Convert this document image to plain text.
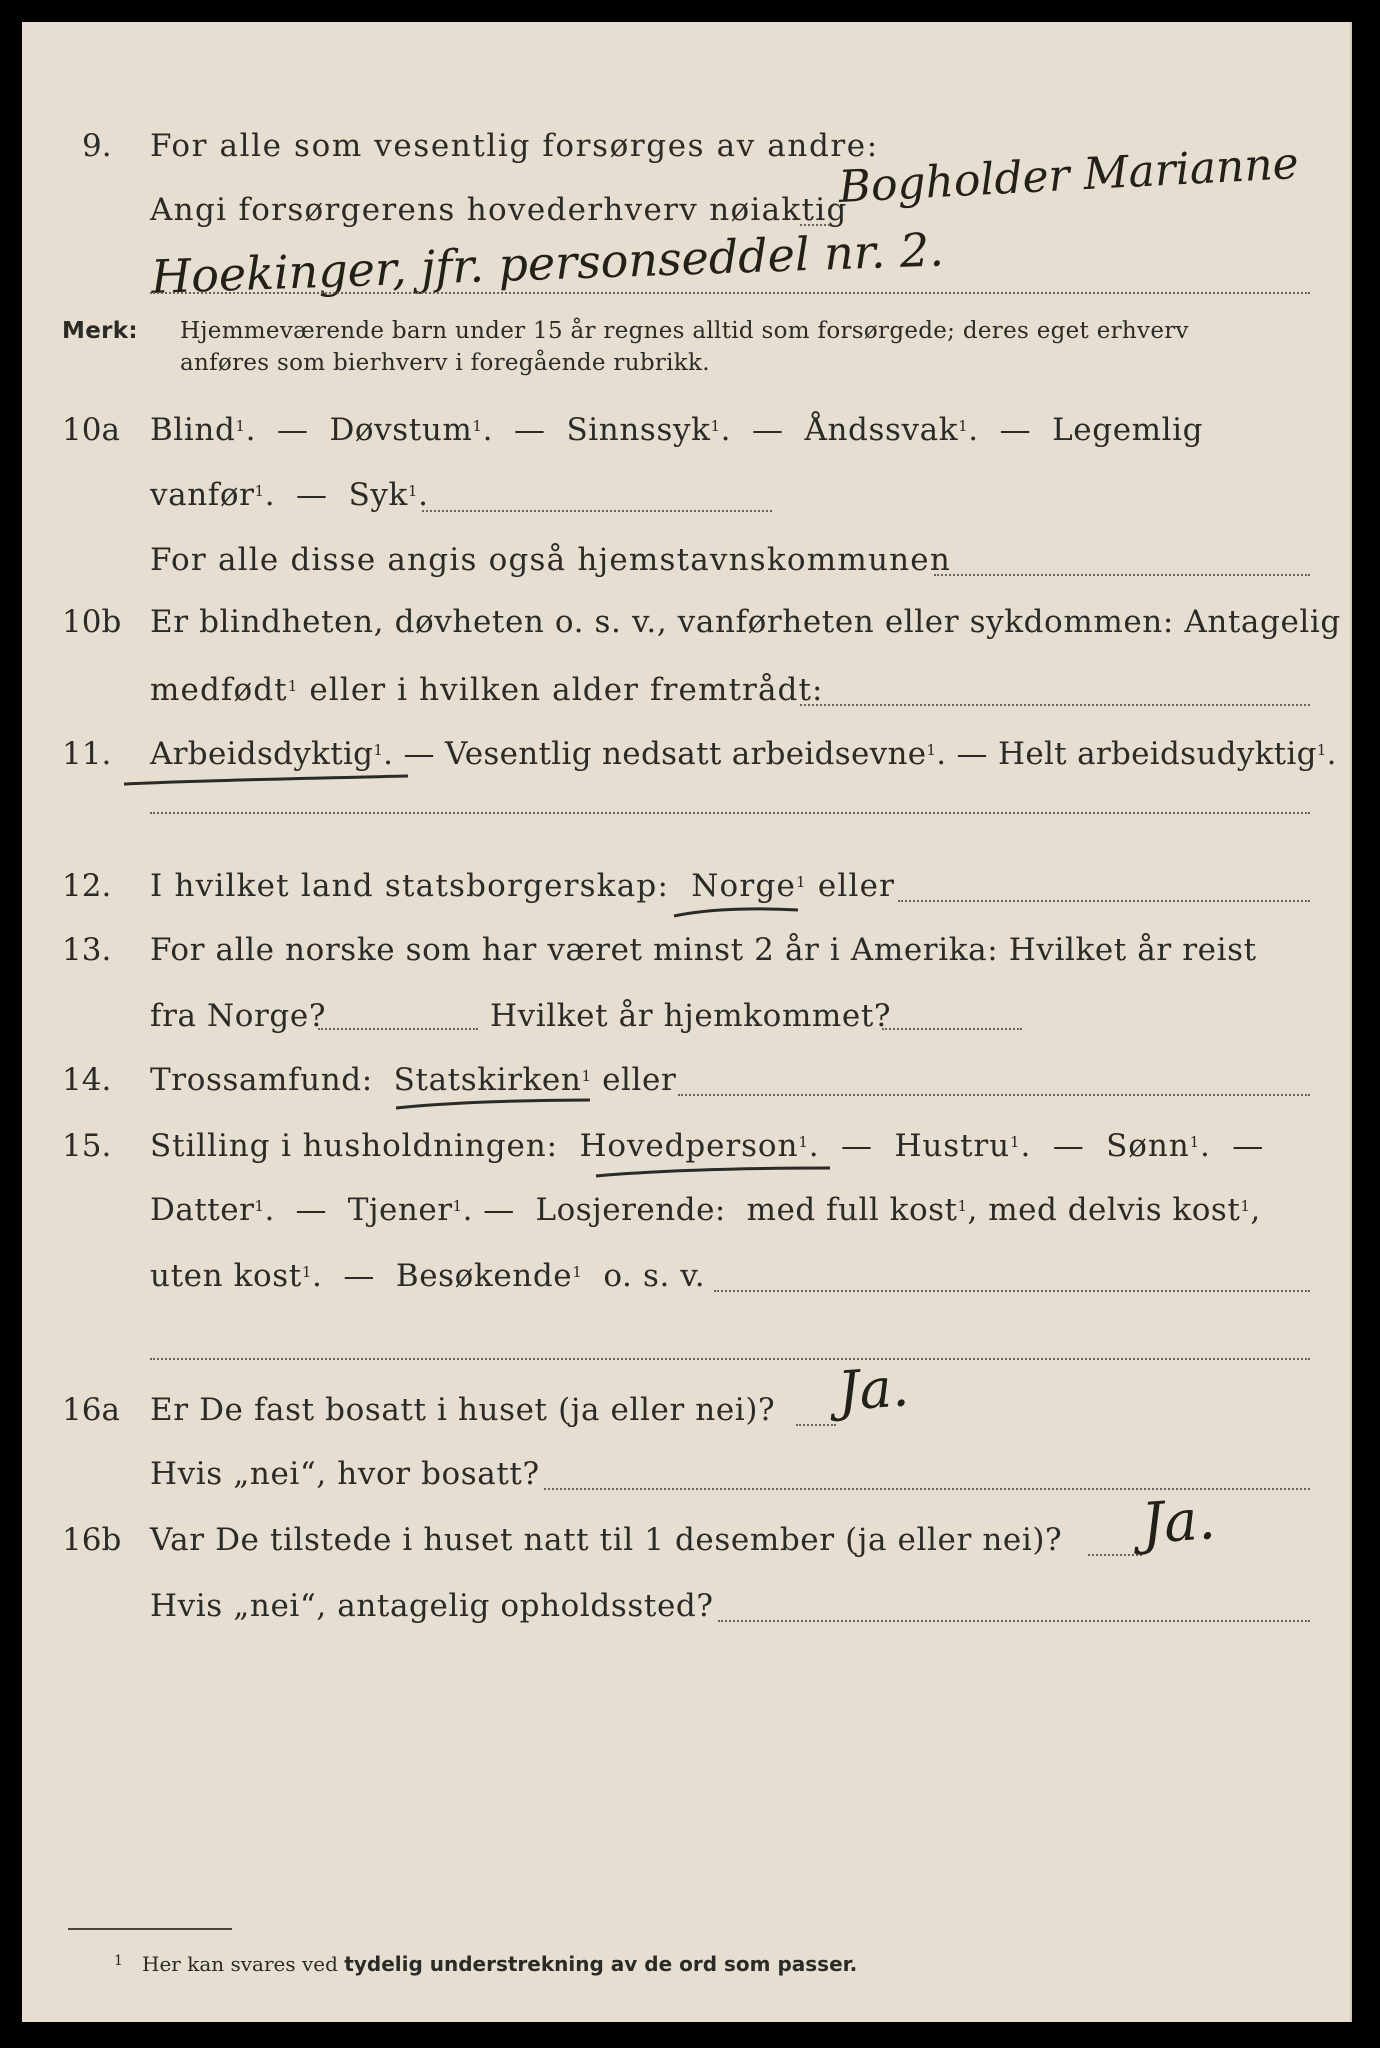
9. For alle som vesentlig forsørges av andre:
Angi forsørgerens hovederhverv nøiaktig
Bogholder Marianne
Hoekinger, jfr. personseddel nr. 2.
Merk: Hjemmeværende barn under 15 år regnes alltid som forsørgede; deres eget erhverv
anføres som bierhverv i foregående rubrikk.
10a Blind$^1$.  —  Døvstum$^1$.  —  Sinnssyk$^1$.  —  Åndssvak$^1$.  —  Legemlig
vanfør$^1$.  —  Syk$^1$.
For alle disse angis også hjemstavnskommunen
10b Er blindheten, døvheten o. s. v., vanførheten eller sykdommen: Antagelig
medfødt$^1$ eller i hvilken alder fremtrådt:
11. Arbeidsdyktig$^1$. — Vesentlig nedsatt arbeidsevne$^1$. — Helt arbeidsudyktig$^1$.
12. I hvilket land statsborgerskap: Norge$^1$ eller
13. For alle norske som har været minst 2 år i Amerika: Hvilket år reist
fra Norge?	Hvilket år hjemkommet?
14. Trossamfund: Statskirken$^1$ eller
15. Stilling i husholdningen: Hovedperson$^1$.  —  Hustru$^1$.  —  Sønn$^1$.  —
Datter$^1$.  —  Tjener$^1$. —  Losjerende: med full kost$^1$, med delvis kost$^1$,
uten kost$^1$.  —  Besøkende$^1$ o. s. v.
16a Er De fast bosatt i huset (ja eller nei)? Ja.
Hvis „nei“, hvor bosatt?
16b Var De tilstede i huset natt til 1 desember (ja eller nei)? Ja.
Hvis „nei“, antagelig opholdssted?
$^1$ Her kan svares ved tydelig understrekning av de ord som passer.
